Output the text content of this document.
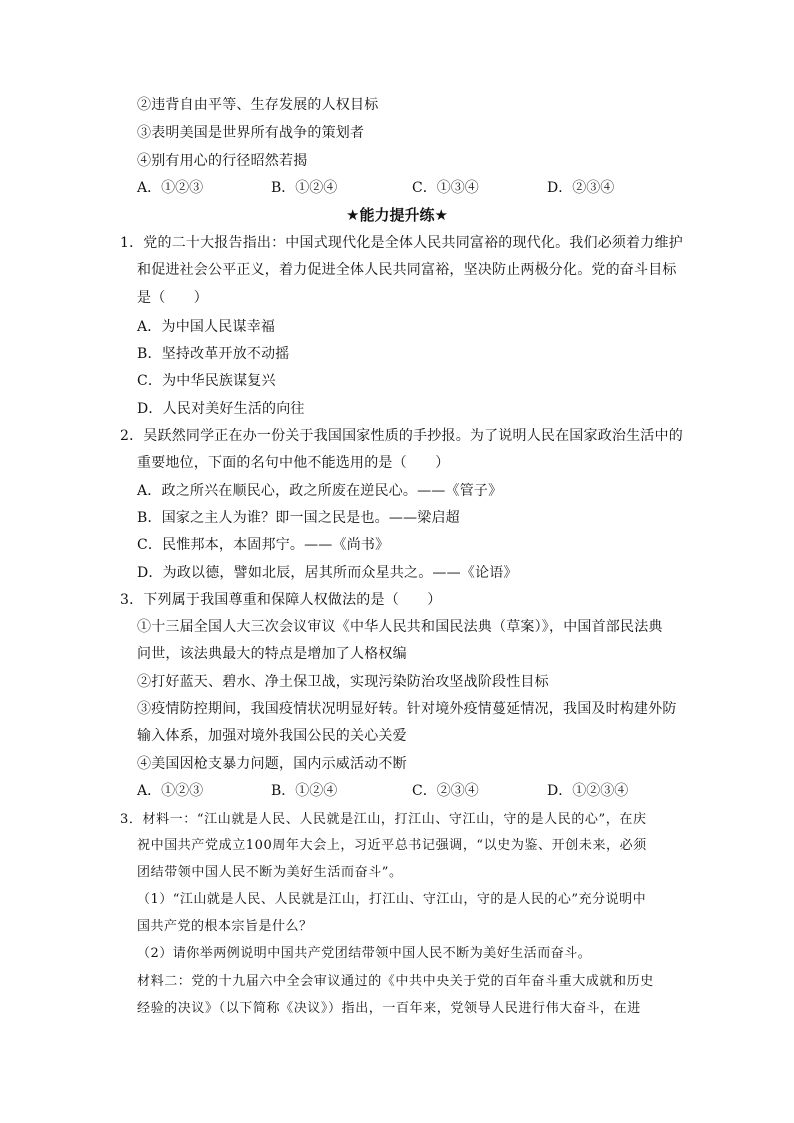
②违背自由平等、生存发展的人权目标
③表明美国是世界所有战争的策划者
④别有用心的行径昭然若揭
A．①②③	B．①②④	C．①③④	D．②③④
★能力提升练★
1．党的二十大报告指出：中国式现代化是全体人民共同富裕的现代化。我们必须着力维护
和促进社会公平正义，着力促进全体人民共同富裕，坚决防止两极分化。党的奋斗目标
是（　　）
A．为中国人民谋幸福
B．坚持改革开放不动摇
C．为中华民族谋复兴
D．人民对美好生活的向往
2．吴跃然同学正在办一份关于我国国家性质的手抄报。为了说明人民在国家政治生活中的
重要地位，下面的名句中他不能选用的是（　　）
A．政之所兴在顺民心，政之所废在逆民心。——《管子》
B．国家之主人为谁？即一国之民是也。——梁启超
C．民惟邦本，本固邦宁。——《尚书》
D．为政以德，譬如北辰，居其所而众星共之。——《论语》
3．下列属于我国尊重和保障人权做法的是（　　）
①十三届全国人大三次会议审议《中华人民共和国民法典（草案）》，中国首部民法典
问世，该法典最大的特点是增加了人格权编
②打好蓝天、碧水、净土保卫战，实现污染防治攻坚战阶段性目标
③疫情防控期间，我国疫情状况明显好转。针对境外疫情蔓延情况，我国及时构建外防
输入体系，加强对境外我国公民的关心关爱
④美国因枪支暴力问题，国内示威活动不断
A．①②③	B．①②④	C．②③④	D．①②③④
3．材料一：“江山就是人民、人民就是江山，打江山、守江山，守的是人民的心”，在庆
祝中国共产党成立100周年大会上，习近平总书记强调，“以史为鉴、开创未来，必须
团结带领中国人民不断为美好生活而奋斗”。
（1）“江山就是人民、人民就是江山，打江山、守江山，守的是人民的心”充分说明中
国共产党的根本宗旨是什么？
（2）请你举两例说明中国共产党团结带领中国人民不断为美好生活而奋斗。
材料二：党的十九届六中全会审议通过的《中共中央关于党的百年奋斗重大成就和历史
经验的决议》（以下简称《决议》）指出，一百年来，党领导人民进行伟大奋斗，在进
